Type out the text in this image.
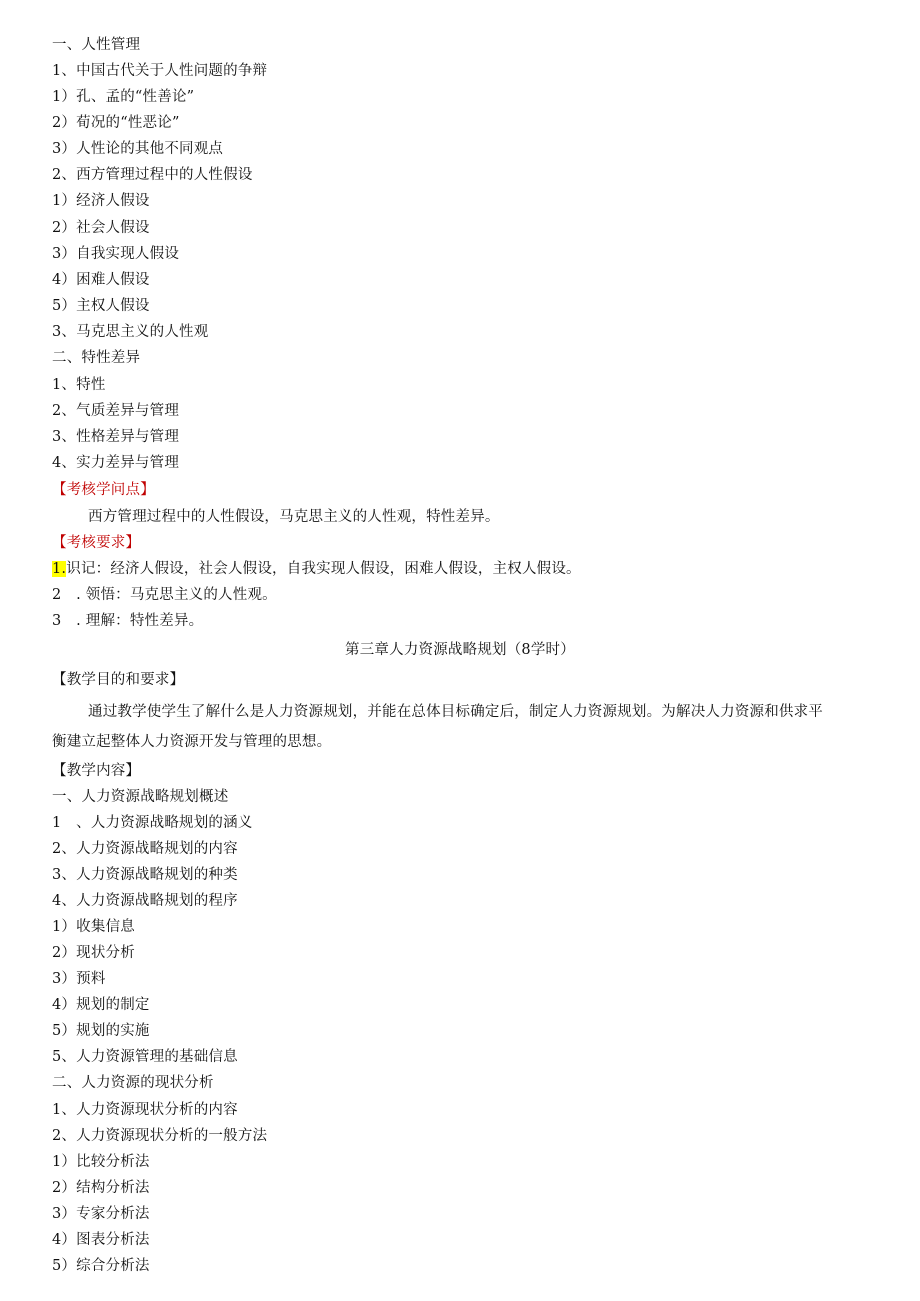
一、人性管理
1、中国古代关于人性问题的争辩
1）孔、孟的“性善论”
2）荀况的“性恶论”
3）人性论的其他不同观点
2、西方管理过程中的人性假设
1）经济人假设
2）社会人假设
3）自我实现人假设
4）困难人假设
5）主权人假设
3、马克思主义的人性观
二、特性差异
1、特性
2、气质差异与管理
3、性格差异与管理
4、实力差异与管理
【考核学问点】
西方管理过程中的人性假设，马克思主义的人性观，特性差异。
【考核要求】
1.识记：经济人假设，社会人假设，自我实现人假设，困难人假设，主权人假设。
2　. 领悟：马克思主义的人性观。
3　. 理解：特性差异。
第三章人力资源战略规划（8学时）
【教学目的和要求】
通过教学使学生了解什么是人力资源规划，并能在总体目标确定后，制定人力资源规划。为解决人力资源和供求平
衡建立起整体人力资源开发与管理的思想。
【教学内容】
一、人力资源战略规划概述
1　、人力资源战略规划的涵义
2、人力资源战略规划的内容
3、人力资源战略规划的种类
4、人力资源战略规划的程序
1）收集信息
2）现状分析
3）预料
4）规划的制定
5）规划的实施
5、人力资源管理的基础信息
二、人力资源的现状分析
1、人力资源现状分析的内容
2、人力资源现状分析的一般方法
1）比较分析法
2）结构分析法
3）专家分析法
4）图表分析法
5）综合分析法
